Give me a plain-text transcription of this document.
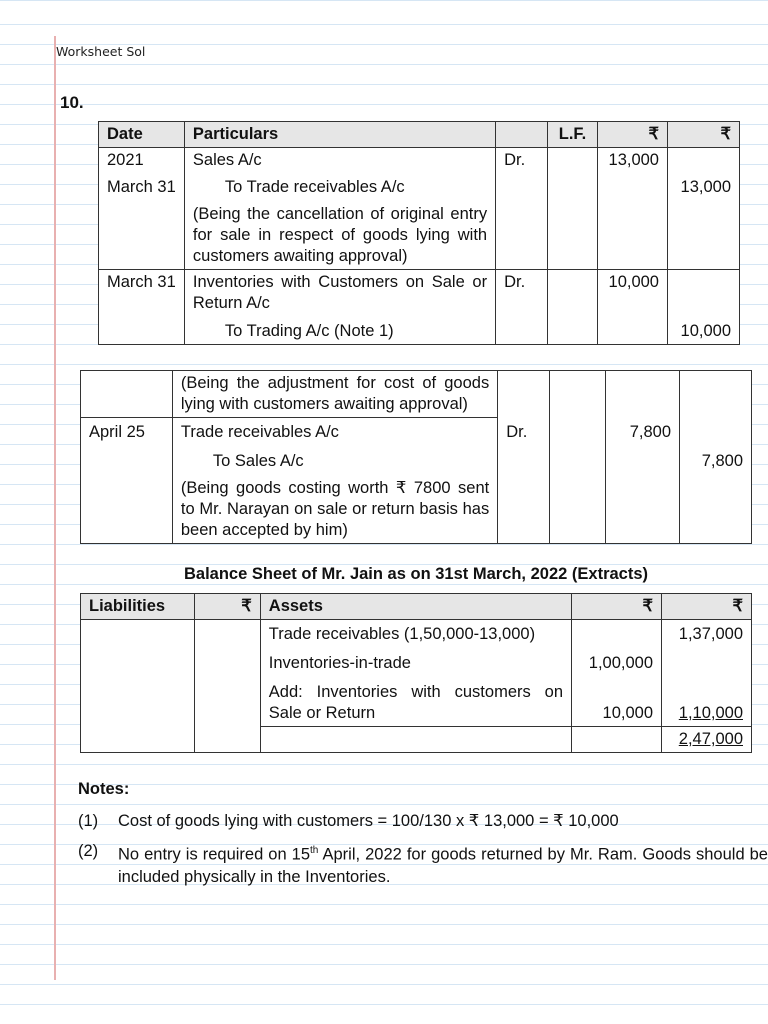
Worksheet Sol
10.
Date	Particulars		L.F.	₹	₹
2021	Sales A/c	Dr.		13,000	
March 31	To Trade receivables A/c				13,000
	(Being the cancellation of original entry for sale in respect of goods lying with customers awaiting approval)				
March 31	Inventories with Customers on Sale or Return A/c	Dr.		10,000	
	To Trading A/c (Note 1)				10,000
	(Being the adjustment for cost of goods lying with customers awaiting approval)				
April 25	Trade receivables A/c	Dr.		7,800	
	To Sales A/c				7,800
	(Being goods costing worth ₹ 7800 sent to Mr. Narayan on sale or return basis has been accepted by him)				
Balance Sheet of Mr. Jain as on 31st March, 2022 (Extracts)
Liabilities	₹	Assets	₹	₹
		Trade receivables (1,50,000-13,000)		1,37,000
		Inventories-in-trade	1,00,000	
		Add: Inventories with customers on Sale or Return	10,000	1,10,000
				2,47,000
Notes:
(1)	Cost of goods lying with customers = 100/130 x ₹ 13,000 = ₹ 10,000
(2)	No entry is required on 15th April, 2022 for goods returned by Mr. Ram. Goods should be included physically in the Inventories.
